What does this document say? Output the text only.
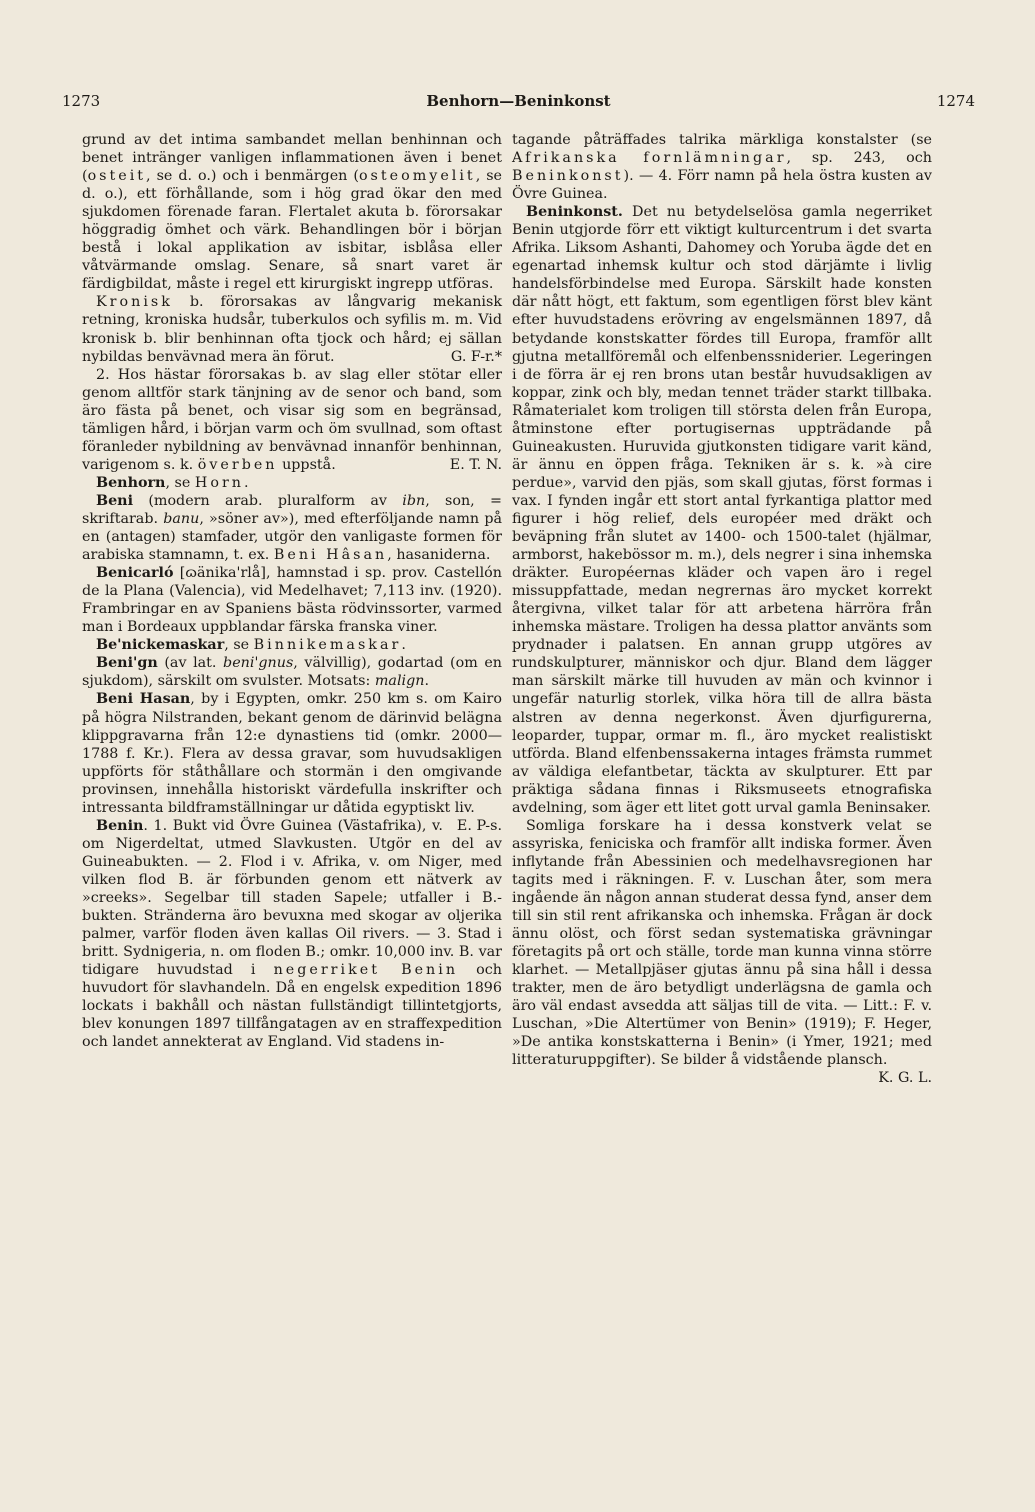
1273	Benhorn—Beninkonst	1274

grund av det intima sambandet mellan benhinnan och benet intränger vanligen inflammationen även i benet (osteit, se d. o.) och i benmärgen (osteomyelit, se d. o.), ett förhållande, som i hög grad ökar den med sjukdomen förenade faran. Flertalet akuta b. förorsakar höggradig ömhet och värk. Behandlingen bör i början bestå i lokal applikation av isbitar, isblåsa eller våtvärmande omslag. Senare, så snart varet är färdigbildat, måste i regel ett kirurgiskt ingrepp utföras.

Kronisk b. förorsakas av långvarig mekanisk retning, kroniska hudsår, tuberkulos och syfilis m. m. Vid kronisk b. blir benhinnan ofta tjock och hård; ej sällan nybildas benvävnad mera än förut.	G. F-r.*

2. Hos hästar förorsakas b. av slag eller stötar eller genom alltför stark tänjning av de senor och band, som äro fästa på benet, och visar sig som en begränsad, tämligen hård, i början varm och öm svullnad, som oftast föranleder nybildning av benvävnad innanför benhinnan, varigenom s. k. överben uppstå.	E. T. N.

Benhorn, se Horn.

Beni (modern arab. pluralform av ibn, son, = skriftarab. banu, »söner av»), med efterföljande namn på en (antagen) stamfader, utgör den vanligaste formen för arabiska stamnamn, t. ex. Beni Hâsan, hasaniderna.

Benicarló [ɷänika'rlå], hamnstad i sp. prov. Castellón de la Plana (Valencia), vid Medelhavet; 7,113 inv. (1920). Frambringar en av Spaniens bästa rödvinssorter, varmed man i Bordeaux uppblandar färska franska viner.

Be'nickemaskar, se Binnikemaskar.

Beni'gn (av lat. beni'gnus, välvillig), godartad (om en sjukdom), särskilt om svulster. Motsats: malign.

Beni Hasan, by i Egypten, omkr. 250 km s. om Kairo på högra Nilstranden, bekant genom de därinvid belägna klippgravarna från 12:e dynastiens tid (omkr. 2000—1788 f. Kr.). Flera av dessa gravar, som huvudsakligen uppförts för ståthållare och stormän i den omgivande provinsen, innehålla historiskt värdefulla inskrifter och intressanta bildframställningar ur dåtida egyptiskt liv.
E. P-s.

Benin. 1. Bukt vid Övre Guinea (Västafrika), v. om Nigerdeltat, utmed Slavkusten. Utgör en del av Guineabukten. — 2. Flod i v. Afrika, v. om Niger, med vilken flod B. är förbunden genom ett nätverk av »creeks». Segelbar till staden Sapele; utfaller i B.-bukten. Stränderna äro bevuxna med skogar av oljerika palmer, varför floden även kallas Oil rivers. — 3. Stad i britt. Sydnigeria, n. om floden B.; omkr. 10,000 inv. B. var tidigare huvudstad i negerriket Benin och huvudort för slavhandeln. Då en engelsk expedition 1896 lockats i bakhåll och nästan fullständigt tillintetgjorts, blev konungen 1897 tillfångatagen av en straffexpedition och landet annekterat av England. Vid stadens in-

tagande påträffades talrika märkliga konstalster (se Afrikanska fornlämningar, sp. 243, och Beninkonst). — 4. Förr namn på hela östra kusten av Övre Guinea.

Beninkonst. Det nu betydelselösa gamla negerriket Benin utgjorde förr ett viktigt kulturcentrum i det svarta Afrika. Liksom Ashanti, Dahomey och Yoruba ägde det en egenartad inhemsk kultur och stod därjämte i livlig handelsförbindelse med Europa. Särskilt hade konsten där nått högt, ett faktum, som egentligen först blev känt efter huvudstadens erövring av engelsmännen 1897, då betydande konstskatter fördes till Europa, framför allt gjutna metallföremål och elfenbenssniderier. Legeringen i de förra är ej ren brons utan består huvudsakligen av koppar, zink och bly, medan tennet träder starkt tillbaka. Råmaterialet kom troligen till största delen från Europa, åtminstone efter portugisernas uppträdande på Guineakusten. Huruvida gjutkonsten tidigare varit känd, är ännu en öppen fråga. Tekniken är s. k. »à cire perdue», varvid den pjäs, som skall gjutas, först formas i vax. I fynden ingår ett stort antal fyrkantiga plattor med figurer i hög relief, dels européer med dräkt och beväpning från slutet av 1400- och 1500-talet (hjälmar, armborst, hakebössor m. m.), dels negrer i sina inhemska dräkter. Européernas kläder och vapen äro i regel missuppfattade, medan negrernas äro mycket korrekt återgivna, vilket talar för att arbetena härröra från inhemska mästare. Troligen ha dessa plattor använts som prydnader i palatsen. En annan grupp utgöres av rundskulpturer, människor och djur. Bland dem lägger man särskilt märke till huvuden av män och kvinnor i ungefär naturlig storlek, vilka höra till de allra bästa alstren av denna negerkonst. Även djurfigurerna, leoparder, tuppar, ormar m. fl., äro mycket realistiskt utförda. Bland elfenbenssakerna intages främsta rummet av väldiga elefantbetar, täckta av skulpturer. Ett par präktiga sådana finnas i Riksmuseets etnografiska avdelning, som äger ett litet gott urval gamla Beninsaker.

Somliga forskare ha i dessa konstverk velat se assyriska, feniciska och framför allt indiska former. Även inflytande från Abessinien och medelhavsregionen har tagits med i räkningen. F. v. Luschan åter, som mera ingående än någon annan studerat dessa fynd, anser dem till sin stil rent afrikanska och inhemska. Frågan är dock ännu olöst, och först sedan systematiska grävningar företagits på ort och ställe, torde man kunna vinna större klarhet. — Metallpjäser gjutas ännu på sina håll i dessa trakter, men de äro betydligt underlägsna de gamla och äro väl endast avsedda att säljas till de vita. — Litt.: F. v. Luschan, »Die Altertümer von Benin» (1919); F. Heger, »De antika konstskatterna i Benin» (i Ymer, 1921; med litteraturuppgifter). Se bilder å vidstående plansch.
K. G. L.
